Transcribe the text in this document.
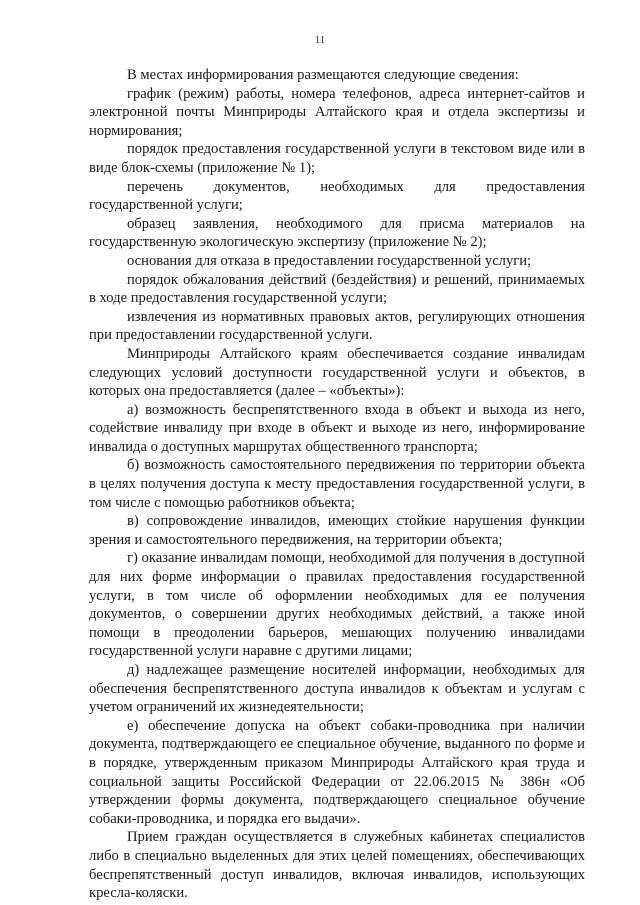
11

В местах информирования размещаются следующие сведения:

график (режим) работы, номера телефонов, адреса интернет-сайтов и электронной почты Минприроды Алтайского края и отдела экспертизы и нормирования;

порядок предоставления государственной услуги в текстовом виде или в виде блок-схемы (приложение № 1);

перечень документов, необходимых для предоставления государственной услуги;

образец заявления, необходимого для присма материалов на государственную экологическую экспертизу (приложение № 2);

основания для отказа в предоставлении государственной услуги;

порядок обжалования действий (бездействия) и решений, принимаемых в ходе предоставления государственной услуги;

извлечения из нормативных правовых актов, регулирующих отношения при предоставлении государственной услуги.

Минприроды Алтайского краям обеспечивается создание инвалидам следующих условий доступности государственной услуги и объектов, в которых она предоставляется (далее – «объекты»):

а) возможность беспрепятственного входа в объект и выхода из него, содействие инвалиду при входе в объект и выходе из него, информирование инвалида о доступных маршрутах общественного транспорта;

б) возможность самостоятельного передвижения по территории объекта в целях получения доступа к месту предоставления государственной услуги, в том числе с помощью работников объекта;

в) сопровождение инвалидов, имеющих стойкие нарушения функции зрения и самостоятельного передвижения, на территории объекта;

г) оказание инвалидам помощи, необходимой для получения в доступной для них форме информации о правилах предоставления государственной услуги, в том числе об оформлении необходимых для ее получения документов, о совершении других необходимых действий, а также иной помощи в преодолении барьеров, мешающих получению инвалидами государственной услуги наравне с другими лицами;

д) надлежащее размещение носителей информации, необходимых для обеспечения беспрепятственного доступа инвалидов к объектам и услугам с учетом ограничений их жизнедеятельности;

е) обеспечение допуска на объект собаки-проводника при наличии документа, подтверждающего ее специальное обучение, выданного по форме и в порядке, утвержденным приказом Минприроды Алтайского края труда и социальной защиты Российской Федерации от 22.06.2015 № 386н «Об утверждении формы документа, подтверждающего специальное обучение собаки-проводника, и порядка его выдачи».

Прием граждан осуществляется в служебных кабинетах специалистов либо в специально выделенных для этих целей помещениях, обеспечивающих беспрепятственный доступ инвалидов, включая инвалидов, использующих кресла-коляски.
